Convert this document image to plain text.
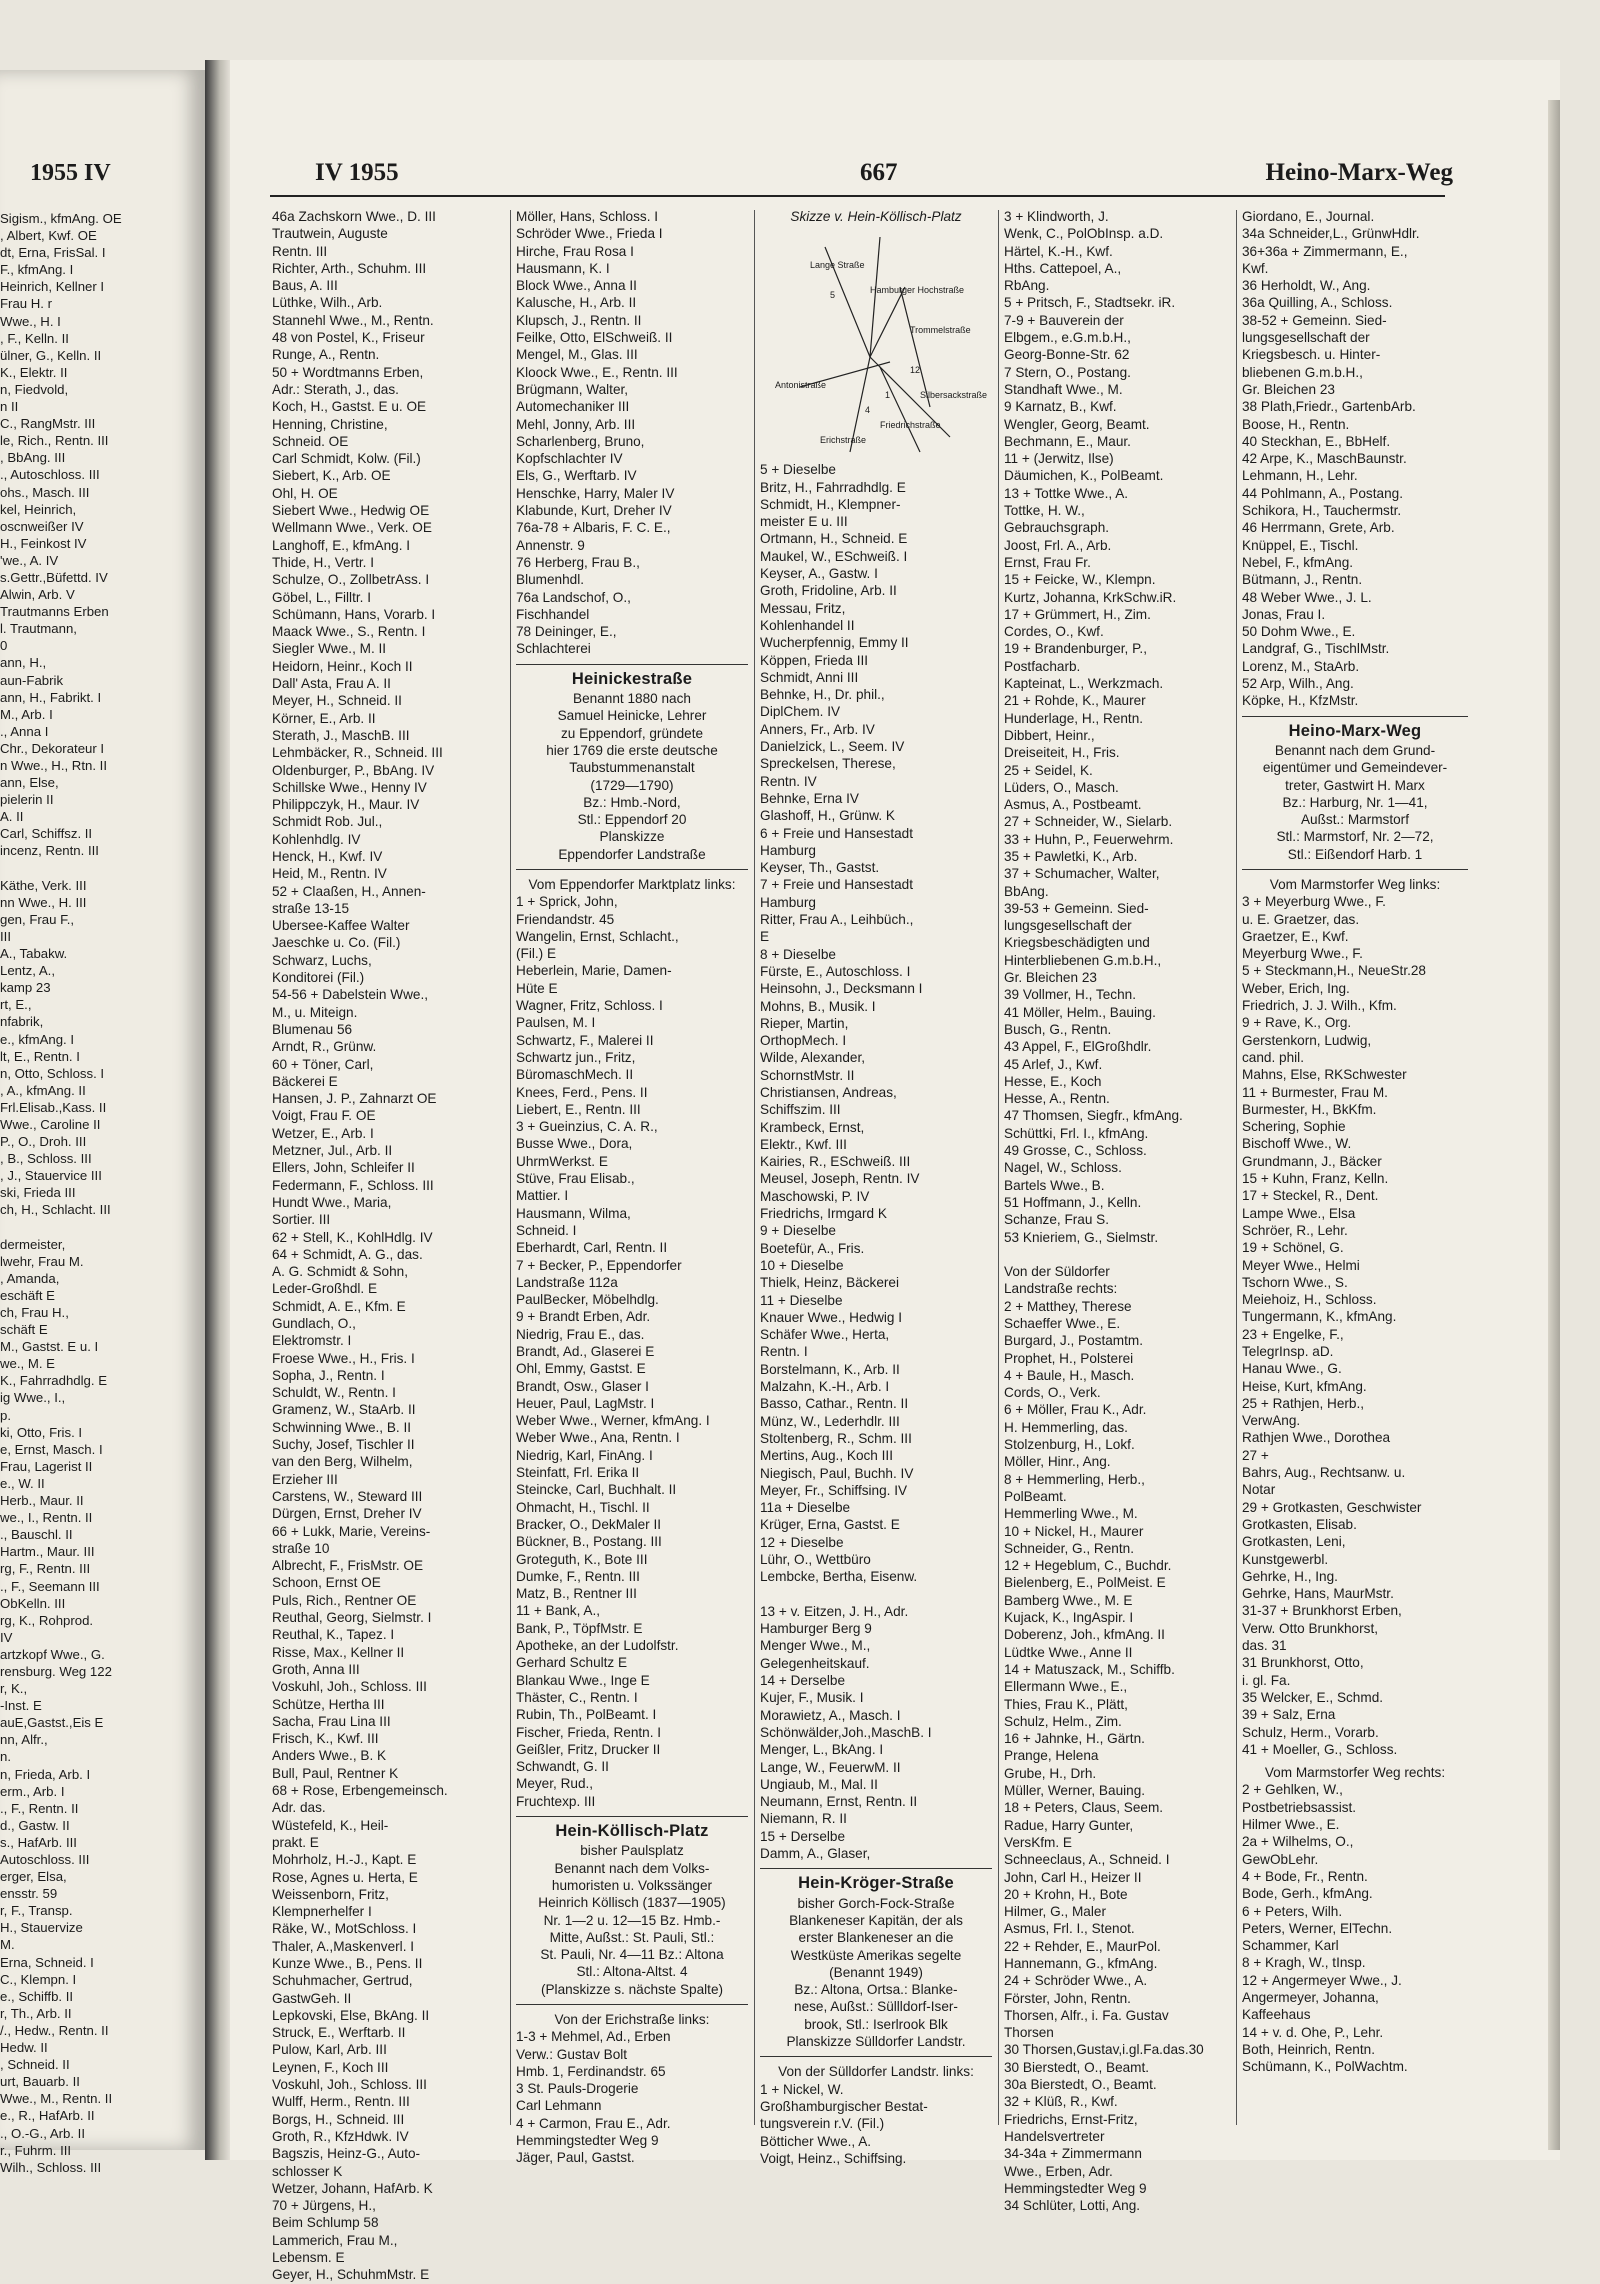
1955 IV
Sigism., kfmAng. OE
, Albert, Kwf. OE
dt, Erna, FrisSal. I
F., kfmAng. I
Heinrich, Kellner I
Frau H. r
Wwe., H. I
, F., Kelln. II
ülner, G., Kelln. II
K., Elektr. II
n, Fiedvold,
n II
C., RangMstr. III
le, Rich., Rentn. III
, BbAng. III
., Autoschloss. III
ohs., Masch. III
kel, Heinrich,
oscnweißer IV
H., Feinkost IV
'we., A. IV
s.Gettr.,Büfettd. IV
Alwin, Arb. V
Trautmanns Erben
l. Trautmann,
0
ann, H.,
aun-Fabrik
ann, H., Fabrikt. I
M., Arb. I
., Anna I
Chr., Dekorateur I
n Wwe., H., Rtn. II
ann, Else,
pielerin II
A. II
Carl, Schiffsz. II
incenz, Rentn. III

Käthe, Verk. III
nn Wwe., H. III
gen, Frau F.,
III
A., Tabakw.
Lentz, A.,
kamp 23
rt, E.,
nfabrik,
e., kfmAng. I
lt, E., Rentn. I
n, Otto, Schloss. I
, A., kfmAng. II
Frl.Elisab.,Kass. II
Wwe., Caroline II
P., O., Droh. III
, B., Schloss. III
, J., Stauervice III
ski, Frieda III
ch, H., Schlacht. III

dermeister,
lwehr, Frau M.
, Amanda,
eschäft E
ch, Frau H.,
schäft E
M., Gastst. E u. I
we., M. E
K., Fahrradhdlg. E
ig Wwe., I.,
p.
ki, Otto, Fris. I
e, Ernst, Masch. I
Frau, Lagerist II
e., W. II
Herb., Maur. II
we., I., Rentn. II
., Bauschl. II
Hartm., Maur. III
rg, F., Rentn. III
., F., Seemann III
ObKelln. III
rg, K., Rohprod.
IV
artzkopf Wwe., G.
rensburg. Weg 122
r, K.,
-Inst. E
auE,Gastst.,Eis E
nn, Alfr.,
n.
n, Frieda, Arb. I
erm., Arb. I
., F., Rentn. II
d., Gastw. II
s., HafArb. III
Autoschloss. III
erger, Elsa,
ensstr. 59
r, F., Transp.
H., Stauervize
M.
Erna, Schneid. I
C., Klempn. I
e., Schiffb. II
r, Th., Arb. II
/., Hedw., Rentn. II
Hedw. II
, Schneid. II
urt, Bauarb. II
Wwe., M., Rentn. II
e., R., HafArb. II
., O.-G., Arb. II
r., Fuhrm. III
Wilh., Schloss. III
IV 1955	667	Heino-Marx-Weg
46a Zachskorn Wwe., D. III
Trautwein, Auguste
Rentn. III
Richter, Arth., Schuhm. III
Baus, A. III
Lüthke, Wilh., Arb.
Stannehl Wwe., M., Rentn.
48 von Postel, K., Friseur
Runge, A., Rentn.
50 + Wordtmanns Erben,
Adr.: Sterath, J., das.
Koch, H., Gastst. E u. OE
Henning, Christine,
Schneid. OE
Carl Schmidt, Kolw. (Fil.)
Siebert, K., Arb. OE
Ohl, H. OE
Siebert Wwe., Hedwig OE
Wellmann Wwe., Verk. OE
Langhoff, E., kfmAng. I
Thide, H., Vertr. I
Schulze, O., ZollbetrAss. I
Göbel, L., Filltr. I
Schümann, Hans, Vorarb. I
Maack Wwe., S., Rentn. I
Siegler Wwe., M. II
Heidorn, Heinr., Koch II
Dall' Asta, Frau A. II
Meyer, H., Schneid. II
Körner, E., Arb. II
Sterath, J., MaschB. III
Lehmbäcker, R., Schneid. III
Oldenburger, P., BbAng. IV
Schillske Wwe., Henny IV
Philippczyk, H., Maur. IV
Schmidt Rob. Jul.,
Kohlenhdlg. IV
Henck, H., Kwf. IV
Heid, M., Rentn. IV
52 + Claaßen, H., Annen-
straße 13-15
Ubersee-Kaffee Walter
Jaeschke u. Co. (Fil.)
Schwarz, Luchs,
Konditorei (Fil.)
54-56 + Dabelstein Wwe.,
M., u. Miteign.
Blumenau 56
Arndt, R., Grünw.
60 + Töner, Carl,
Bäckerei E
Hansen, J. P., Zahnarzt OE
Voigt, Frau F. OE
Wetzer, E., Arb. I
Metzner, Jul., Arb. II
Ellers, John, Schleifer II
Federmann, F., Schloss. III
Hundt Wwe., Maria,
Sortier. III
62 + Stell, K., KohlHdlg. IV
64 + Schmidt, A. G., das.
A. G. Schmidt & Sohn,
Leder-Großhdl. E
Schmidt, A. E., Kfm. E
Gundlach, O.,
Elektromstr. I
Froese Wwe., H., Fris. I
Sopha, J., Rentn. I
Schuldt, W., Rentn. I
Gramenz, W., StaArb. II
Schwinning Wwe., B. II
Suchy, Josef, Tischler II
van den Berg, Wilhelm,
Erzieher III
Carstens, W., Steward III
Dürgen, Ernst, Dreher IV
66 + Lukk, Marie, Vereins-
straße 10
Albrecht, F., FrisMstr. OE
Schoon, Ernst OE
Puls, Rich., Rentner OE
Reuthal, Georg, Sielmstr. I
Reuthal, K., Tapez. I
Risse, Max., Kellner II
Groth, Anna III
Voskuhl, Joh., Schloss. III
Schütze, Hertha III
Sacha, Frau Lina III
Frisch, K., Kwf. III
Anders Wwe., B. K
Bull, Paul, Rentner K
68 + Rose, Erbengemeinsch.
Adr. das.
Wüstefeld, K., Heil-
prakt. E
Mohrholz, H.-J., Kapt. E
Rose, Agnes u. Herta, E
Weissenborn, Fritz,
Klempnerhelfer I
Räke, W., MotSchloss. I
Thaler, A.,Maskenverl. I
Kunze Wwe., B., Pens. II
Schuhmacher, Gertrud,
GastwGeh. II
Lepkovski, Else, BkAng. II
Struck, E., Werftarb. II
Pulow, Karl, Arb. III
Leynen, F., Koch III
Voskuhl, Joh., Schloss. III
Wulff, Herm., Rentn. III
Borgs, H., Schneid. III
Groth, R., KfzHdwk. IV
Bagszis, Heinz-G., Auto-
schlosser K
Wetzer, Johann, HafArb. K
70 + Jürgens, H.,
Beim Schlump 58
Lammerich, Frau M.,
Lebensm. E
Geyer, H., SchuhmMstr. E
Möller, Hans, Schloss. I
Schröder Wwe., Frieda I
Hirche, Frau Rosa I
Hausmann, K. I
Block Wwe., Anna II
Kalusche, H., Arb. II
Klupsch, J., Rentn. II
Feilke, Otto, ElSchweiß. II
Mengel, M., Glas. III
Kloock Wwe., E., Rentn. III
Brügmann, Walter,
Automechaniker III
Mehl, Jonny, Arb. III
Scharlenberg, Bruno,
Kopfschlachter IV
Els, G., Werftarb. IV
Henschke, Harry, Maler IV
Klabunde, Kurt, Dreher IV
76a-78 + Albaris, F. C. E.,
Annenstr. 9
76 Herberg, Frau B.,
Blumenhdl.
76a Landschof, O.,
Fischhandel
78 Deininger, E.,
Schlachterei
Heinickestraße
Benannt 1880 nach
Samuel Heinicke, Lehrer
zu Eppendorf, gründete
hier 1769 die erste deutsche
Taubstummenanstalt
(1729—1790)
Bz.: Hmb.-Nord,
Stl.: Eppendorf 20
Planskizze
Eppendorfer Landstraße
Vom Eppendorfer Marktplatz links:
1 + Sprick, John,
Friendandstr. 45
Wangelin, Ernst, Schlacht.,
(Fil.) E
Heberlein, Marie, Damen-
Hüte E
Wagner, Fritz, Schloss. I
Paulsen, M. I
Schwartz, F., Malerei II
Schwartz jun., Fritz,
BüromaschMech. II
Knees, Ferd., Pens. II
Liebert, E., Rentn. III
3 + Gueinzius, C. A. R.,
Busse Wwe., Dora,
UhrmWerkst. E
Stüve, Frau Elisab.,
Mattier. I
Hausmann, Wilma,
Schneid. I
Eberhardt, Carl, Rentn. II
7 + Becker, P., Eppendorfer
Landstraße 112a
PaulBecker, Möbelhdlg.
9 + Brandt Erben, Adr.
Niedrig, Frau E., das.
Brandt, Ad., Glaserei E
Ohl, Emmy, Gastst. E
Brandt, Osw., Glaser I
Heuer, Paul, LagMstr. I
Weber Wwe., Werner, kfmAng. I
Weber Wwe., Ana, Rentn. I
Niedrig, Karl, FinAng. I
Steinfatt, Frl. Erika II
Steincke, Carl, Buchhalt. II
Ohmacht, H., Tischl. II
Bracker, O., DekMaler II
Bückner, B., Postang. III
Groteguth, K., Bote III
Dumke, F., Rentn. III
Matz, B., Rentner III
11 + Bank, A.,
Bank, P., TöpfMstr. E
Apotheke, an der Ludolfstr.
Gerhard Schultz E
Blankau Wwe., Inge E
Thäster, C., Rentn. I
Rubin, Th., PolBeamt. I
Fischer, Frieda, Rentn. I
Geißler, Fritz, Drucker II
Schwandt, G. II
Meyer, Rud.,
Fruchtexp. III
Hein-Köllisch-Platz
bisher Paulsplatz
Benannt nach dem Volks-
humoristen u. Volkssänger
Heinrich Köllisch (1837—1905)
Nr. 1—2 u. 12—15 Bz. Hmb.-
Mitte, Außst.: St. Pauli, Stl.:
St. Pauli, Nr. 4—11 Bz.: Altona
Stl.: Altona-Altst. 4
(Planskizze s. nächste Spalte)
Von der Erichstraße links:
1-3 + Mehmel, Ad., Erben
Verw.: Gustav Bolt
Hmb. 1, Ferdinandstr. 65
3 St. Pauls-Drogerie
Carl Lehmann
4 + Carmon, Frau E., Adr.
Hemmingstedter Weg 9
Jäger, Paul, Gastst.
Skizze v. Hein-Köllisch-Platz
Lange Straße
Hamburger Hochstraße
Trommelstraße
Antonistraße
Erichstraße
Silbersackstraße
Friedrichstraße
5
12
1
4
5 + Dieselbe
Britz, H., Fahrradhdlg. E
Schmidt, H., Klempner-
meister E u. III
Ortmann, H., Schneid. E
Maukel, W., ESchweiß. I
Keyser, A., Gastw. I
Groth, Fridoline, Arb. II
Messau, Fritz,
Kohlenhandel II
Wucherpfennig, Emmy II
Köppen, Frieda III
Schmidt, Anni III
Behnke, H., Dr. phil.,
DiplChem. IV
Anners, Fr., Arb. IV
Danielzick, L., Seem. IV
Spreckelsen, Therese,
Rentn. IV
Behnke, Erna IV
Glashoff, H., Grünw. K
6 + Freie und Hansestadt
Hamburg
Keyser, Th., Gastst.
7 + Freie und Hansestadt
Hamburg
Ritter, Frau A., Leihbüch.,
E
8 + Dieselbe
Fürste, E., Autoschloss. I
Heinsohn, J., Decksmann I
Mohns, B., Musik. I
Rieper, Martin,
OrthopMech. I
Wilde, Alexander,
SchornstMstr. II
Christiansen, Andreas,
Schiffszim. III
Krambeck, Ernst,
Elektr., Kwf. III
Kairies, R., ESchweiß. III
Meusel, Joseph, Rentn. IV
Maschowski, P. IV
Friedrichs, Irmgard K
9 + Dieselbe
Boetefür, A., Fris.
10 + Dieselbe
Thielk, Heinz, Bäckerei
11 + Dieselbe
Knauer Wwe., Hedwig I
Schäfer Wwe., Herta,
Rentn. I
Borstelmann, K., Arb. II
Malzahn, K.-H., Arb. I
Basso, Cathar., Rentn. II
Münz, W., Lederhdlr. III
Stoltenberg, R., Schm. III
Mertins, Aug., Koch III
Niegisch, Paul, Buchh. IV
Meyer, Fr., Schiffsing. IV
11a + Dieselbe
Krüger, Erna, Gastst. E
12 + Dieselbe
Lühr, O., Wettbüro
Lembcke, Bertha, Eisenw.

13 + v. Eitzen, J. H., Adr.
Hamburger Berg 9
Menger Wwe., M.,
Gelegenheitskauf.
14 + Derselbe
Kujer, F., Musik. I
Morawietz, A., Masch. I
Schönwälder,Joh.,MaschB. I
Menger, L., BkAng. I
Lange, W., FeuerwM. II
Ungiaub, M., Mal. II
Neumann, Ernst, Rentn. II
Niemann, R. II
15 + Derselbe
Damm, A., Glaser,
Hein-Kröger-Straße
bisher Gorch-Fock-Straße
Blankeneser Kapitän, der als
erster Blankeneser an die
Westküste Amerikas segelte
(Benannt 1949)
Bz.: Altona, Ortsa.: Blanke-
nese, Außst.: Süllldorf-Iser-
brook, Stl.: Iserlrook Blk
Planskizze Sülldorfer Landstr.
Von der Sülldorfer Landstr. links:
1 + Nickel, W.
Großhamburgischer Bestat-
tungsverein r.V. (Fil.)
Bötticher Wwe., A.
Voigt, Heinz., Schiffsing.
3 + Klindworth, J.
Wenk, C., PolObInsp. a.D.
Härtel, K.-H., Kwf.
Hths. Cattepoel, A.,
RbAng.
5 + Pritsch, F., Stadtsekr. iR.
7-9 + Bauverein der
Elbgem., e.G.m.b.H.,
Georg-Bonne-Str. 62
7 Stern, O., Postang.
Standhaft Wwe., M.
9 Karnatz, B., Kwf.
Wengler, Georg, Beamt.
Bechmann, E., Maur.
11 + (Jerwitz, Ilse)
Däumichen, K., PolBeamt.
13 + Tottke Wwe., A.
Tottke, H. W.,
Gebrauchsgraph.
Joost, Frl. A., Arb.
Ernst, Frau Fr.
15 + Feicke, W., Klempn.
Kurtz, Johanna, KrkSchw.iR.
17 + Grümmert, H., Zim.
Cordes, O., Kwf.
19 + Brandenburger, P.,
Postfacharb.
Kapteinat, L., Werkzmach.
21 + Rohde, K., Maurer
Hunderlage, H., Rentn.
Dibbert, Heinr.,
Dreiseiteit, H., Fris.
25 + Seidel, K.
Lüders, O., Masch.
Asmus, A., Postbeamt.
27 + Schneider, W., Sielarb.
33 + Huhn, P., Feuerwehrm.
35 + Pawletki, K., Arb.
37 + Schumacher, Walter,
BbAng.
39-53 + Gemeinn. Sied-
lungsgesellschaft der
Kriegsbeschädigten und
Hinterbliebenen G.m.b.H.,
Gr. Bleichen 23
39 Vollmer, H., Techn.
41 Möller, Helm., Bauing.
Busch, G., Rentn.
43 Appel, F., ElGroßhdlr.
45 Arlef, J., Kwf.
Hesse, E., Koch
Hesse, A., Rentn.
47 Thomsen, Siegfr., kfmAng.
Schüttki, Frl. I., kfmAng.
49 Grosse, C., Schloss.
Nagel, W., Schloss.
Bartels Wwe., B.
51 Hoffmann, J., Kelln.
Schanze, Frau S.
53 Knieriem, G., Sielmstr.

Von der Süldorfer
Landstraße rechts:
2 + Matthey, Therese
Schaeffer Wwe., E.
Burgard, J., Postamtm.
Prophet, H., Polsterei
4 + Baule, H., Masch.
Cords, O., Verk.
6 + Möller, Frau K., Adr.
H. Hemmerling, das.
Stolzenburg, H., Lokf.
Möller, Hinr., Ang.
8 + Hemmerling, Herb.,
PolBeamt.
Hemmerling Wwe., M.
10 + Nickel, H., Maurer
Schneider, G., Rentn.
12 + Hegeblum, C., Buchdr.
Bielenberg, E., PolMeist. E
Bamberg Wwe., M. E
Kujack, K., IngAspir. I
Doberenz, Joh., kfmAng. II
Lüdtke Wwe., Anne II
14 + Matuszack, M., Schiffb.
Ellermann Wwe., E.,
Thies, Frau K., Plätt,
Schulz, Helm., Zim.
16 + Jahnke, H., Gärtn.
Prange, Helena
Grube, H., Drh.
Müller, Werner, Bauing.
18 + Peters, Claus, Seem.
Radue, Harry Gunter,
VersKfm. E
Schneeclaus, A., Schneid. I
John, Carl H., Heizer II
20 + Krohn, H., Bote
Hilmer, G., Maler
Asmus, Frl. I., Stenot.
22 + Rehder, E., MaurPol.
Hannemann, G., kfmAng.
24 + Schröder Wwe., A.
Förster, John, Rentn.
Thorsen, Alfr., i. Fa. Gustav
Thorsen
30 Thorsen,Gustav,i.gl.Fa.das.30
30 Bierstedt, O., Beamt.
30a Bierstedt, O., Beamt.
32 + Klüß, R., Kwf.
Friedrichs, Ernst-Fritz,
Handelsvertreter
34-34a + Zimmermann
Wwe., Erben, Adr.
Hemmingstedter Weg 9
34 Schlüter, Lotti, Ang.
Giordano, E., Journal.
34a Schneider,L., GrünwHdlr.
36+36a + Zimmermann, E.,
Kwf.
36 Herholdt, W., Ang.
36a Quilling, A., Schloss.
38-52 + Gemeinn. Sied-
lungsgesellschaft der
Kriegsbesch. u. Hinter-
bliebenen G.m.b.H.,
Gr. Bleichen 23
38 Plath,Friedr., GartenbArb.
Boose, H., Rentn.
40 Steckhan, E., BbHelf.
42 Arpe, K., MaschBaunstr.
Lehmann, H., Lehr.
44 Pohlmann, A., Postang.
Schikora, H., Tauchermstr.
46 Herrmann, Grete, Arb.
Knüppel, E., Tischl.
Nebel, F., kfmAng.
Bütmann, J., Rentn.
48 Weber Wwe., J. L.
Jonas, Frau I.
50 Dohm Wwe., E.
Landgraf, G., TischlMstr.
Lorenz, M., StaArb.
52 Arp, Wilh., Ang.
Köpke, H., KfzMstr.
Heino-Marx-Weg
Benannt nach dem Grund-
eigentümer und Gemeindever-
treter, Gastwirt H. Marx
Bz.: Harburg, Nr. 1—41,
Außst.: Marmstorf
Stl.: Marmstorf, Nr. 2—72,
Stl.: Eißendorf Harb. 1
Vom Marmstorfer Weg links:
3 + Meyerburg Wwe., F.
u. E. Graetzer, das.
Graetzer, E., Kwf.
Meyerburg Wwe., F.
5 + Steckmann,H., NeueStr.28
Weber, Erich, Ing.
Friedrich, J. J. Wilh., Kfm.
9 + Rave, K., Org.
Gerstenkorn, Ludwig,
cand. phil.
Mahns, Else, RKSchwester
11 + Burmester, Frau M.
Burmester, H., BkKfm.
Schering, Sophie
Bischoff Wwe., W.
Grundmann, J., Bäcker
15 + Kuhn, Franz, Kelln.
17 + Steckel, R., Dent.
Lampe Wwe., Elsa
Schröer, R., Lehr.
19 + Schönel, G.
Meyer Wwe., Helmi
Tschorn Wwe., S.
Meiehoiz, H., Schloss.
Tungermann, K., kfmAng.
23 + Engelke, F.,
TelegrInsp. aD.
Hanau Wwe., G.
Heise, Kurt, kfmAng.
25 + Rathjen, Herb.,
VerwAng.
Rathjen Wwe., Dorothea
27 +
Bahrs, Aug., Rechtsanw. u.
Notar
29 + Grotkasten, Geschwister
Grotkasten, Elisab.
Grotkasten, Leni,
Kunstgewerbl.
Gehrke, H., Ing.
Gehrke, Hans, MaurMstr.
31-37 + Brunkhorst Erben,
Verw. Otto Brunkhorst,
das. 31
31 Brunkhorst, Otto,
i. gl. Fa.
35 Welcker, E., Schmd.
39 + Salz, Erna
Schulz, Herm., Vorarb.
41 + Moeller, G., Schloss.
Vom Marmstorfer Weg rechts:
2 + Gehlken, W.,
Postbetriebsassist.
Hilmer Wwe., E.
2a + Wilhelms, O.,
GewObLehr.
4 + Bode, Fr., Rentn.
Bode, Gerh., kfmAng.
6 + Peters, Wilh.
Peters, Werner, ElTechn.
Schammer, Karl
8 + Kragh, W., tInsp.
12 + Angermeyer Wwe., J.
Angermeyer, Johanna,
Kaffeehaus
14 + v. d. Ohe, P., Lehr.
Both, Heinrich, Rentn.
Schümann, K., PolWachtm.
